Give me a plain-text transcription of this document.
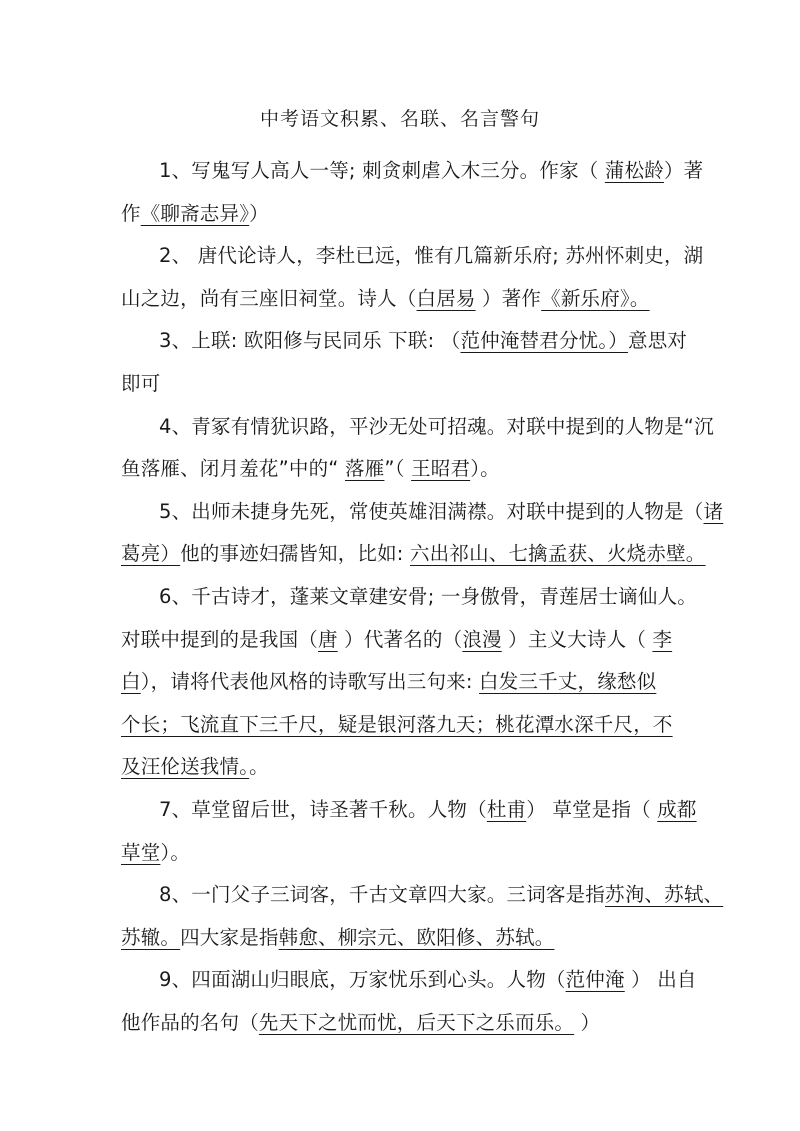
中考语文积累、名联、名言警句
1、写鬼写人高人一等; 刺贪刺虐入木三分。作家（ 蒲松龄）著
作《聊斋志异》）
2、 唐代论诗人，李杜已远，惟有几篇新乐府; 苏州怀刺史，湖
山之边，尚有三座旧祠堂。诗人（白居易 ）著作《新乐府》。
3、上联: 欧阳修与民同乐 下联: （范仲淹替君分忧。）意思对
即可
4、青冢有情犹识路，平沙无处可招魂。对联中提到的人物是“沉
鱼落雁、闭月羞花”中的“ 落雁”（ 王昭君）。
5、出师未捷身先死，常使英雄泪满襟。对联中提到的人物是（诸
葛亮）他的事迹妇孺皆知，比如: 六出祁山、七擒孟获、火烧赤壁。
6、千古诗才，蓬莱文章建安骨; 一身傲骨，青莲居士谪仙人。
对联中提到的是我国（唐 ）代著名的（浪漫 ）主义大诗人（ 李
白），请将代表他风格的诗歌写出三句来: 白发三千丈，缘愁似
个长；飞流直下三千尺，疑是银河落九天；桃花潭水深千尺，不
及汪伦送我情。。
7、草堂留后世，诗圣著千秋。人物（杜甫） 草堂是指（ 成都
草堂）。
8、一门父子三词客，千古文章四大家。三词客是指苏洵、苏轼、
苏辙。四大家是指韩愈、柳宗元、欧阳修、苏轼。
9、四面湖山归眼底，万家忧乐到心头。人物（范仲淹 ） 出自
他作品的名句（先天下之忧而忧，后天下之乐而乐。 ）
